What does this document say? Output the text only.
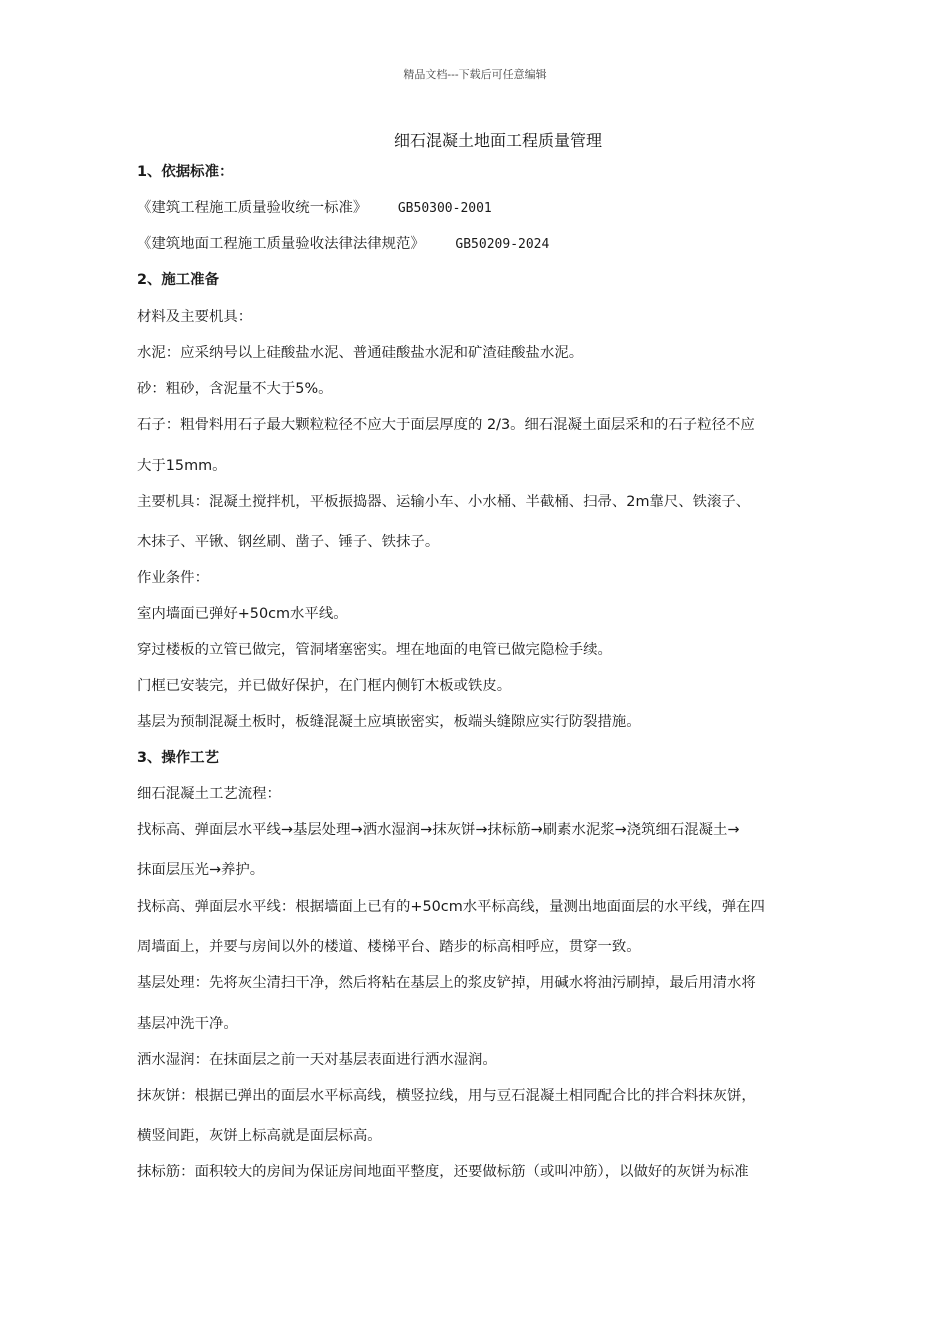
精品文档---下载后可任意编辑
细石混凝土地面工程质量管理
1、依据标准：
《建筑工程施工质量验收统一标准》 GB50300-2001
《建筑地面工程施工质量验收法律法律规范》 GB50209-2024
2、施工准备
材料及主要机具：
水泥：应采纳号以上硅酸盐水泥、普通硅酸盐水泥和矿渣硅酸盐水泥。
砂：粗砂，含泥量不大于5%。
石子：粗骨料用石子最大颗粒粒径不应大于面层厚度的 2/3。细石混凝土面层采和的石子粒径不应
大于15mm。
主要机具：混凝土搅拌机，平板振捣器、运输小车、小水桶、半截桶、扫帚、2m靠尺、铁滚子、
木抹子、平锹、钢丝刷、凿子、锤子、铁抹子。
作业条件：
室内墙面已弹好+50cm水平线。
穿过楼板的立管已做完，管洞堵塞密实。埋在地面的电管已做完隐检手续。
门框已安装完，并已做好保护，在门框内侧钉木板或铁皮。
基层为预制混凝土板时，板缝混凝土应填嵌密实，板端头缝隙应实行防裂措施。
3、操作工艺
细石混凝土工艺流程：
找标高、弹面层水平线→基层处理→洒水湿润→抹灰饼→抹标筋→刷素水泥浆→浇筑细石混凝土→
抹面层压光→养护。
找标高、弹面层水平线：根据墙面上已有的+50cm水平标高线，量测出地面面层的水平线，弹在四
周墙面上，并要与房间以外的楼道、楼梯平台、踏步的标高相呼应，贯穿一致。
基层处理：先将灰尘清扫干净，然后将粘在基层上的浆皮铲掉，用碱水将油污刷掉，最后用清水将
基层冲洗干净。
洒水湿润：在抹面层之前一天对基层表面进行洒水湿润。
抹灰饼：根据已弹出的面层水平标高线，横竖拉线，用与豆石混凝土相同配合比的拌合料抹灰饼，
横竖间距，灰饼上标高就是面层标高。
抹标筋：面积较大的房间为保证房间地面平整度，还要做标筋（或叫冲筋），以做好的灰饼为标准
